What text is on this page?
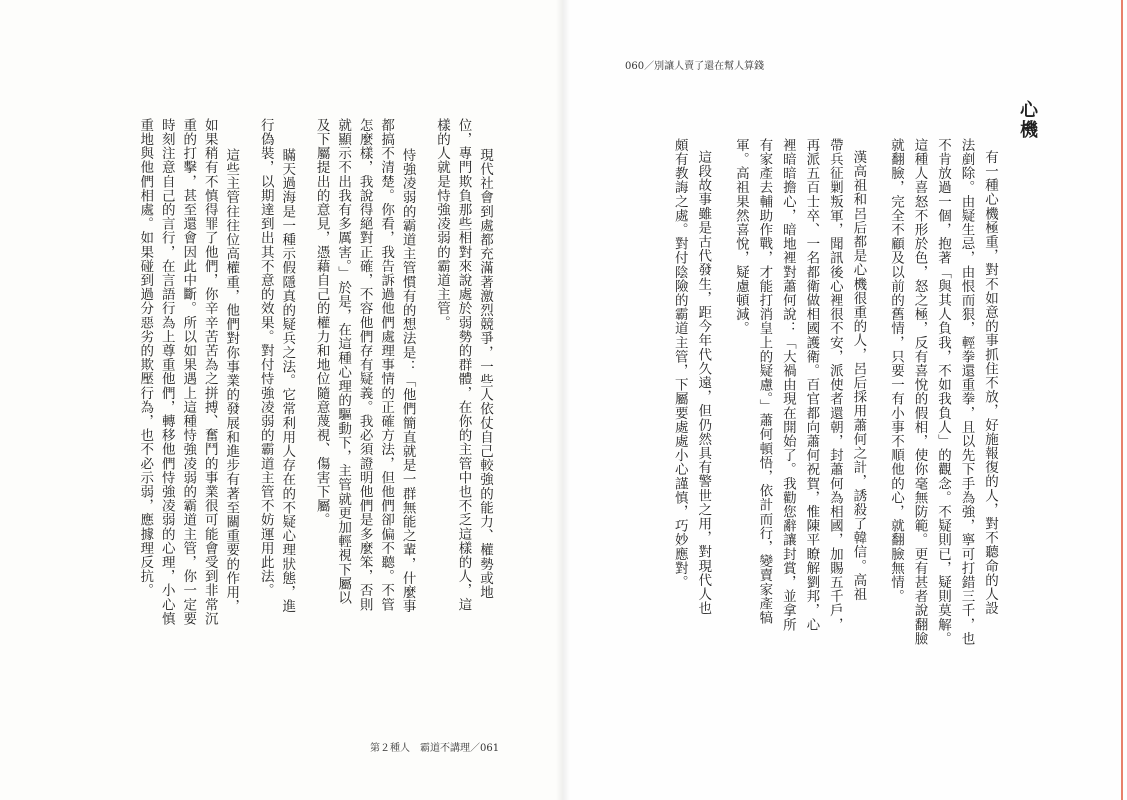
060／別讓人賣了還在幫人算錢
心機
有一種心機極重，對不如意的事抓住不放，好施報復的人，對不聽命的人設
法剷除。由疑生忌，由恨而狠，輕拳還重拳，且以先下手為強，寧可打錯三千，也
不肯放過一個，抱著「與其人負我，不如我負人」的觀念。不疑則已，疑則莫解。
這種人喜怒不形於色，怒之極，反有喜悅的假相，使你毫無防範。更有甚者說翻臉
就翻臉，完全不顧及以前的舊情，只要一有小事不順他的心，就翻臉無情。
漢高祖和呂后都是心機很重的人，呂后採用蕭何之計，誘殺了韓信。高祖
帶兵征剿叛軍，聞訊後心裡很不安，派使者還朝，封蕭何為相國，加賜五千戶，
再派五百士卒、一名都衛做相國護衛。百官都向蕭何祝賀，惟陳平瞭解劉邦，心
裡暗暗擔心，暗地裡對蕭何說：「大禍由現在開始了。我勸您辭讓封賞，並拿所
有家產去輔助作戰，才能打消皇上的疑慮。」蕭何頓悟，依計而行，變賣家產犒
軍。高祖果然喜悅，疑慮頓減。
這段故事雖是古代發生，距今年代久遠，但仍然具有警世之用，對現代人也
頗有教誨之處。對付陰險的霸道主管，下屬要處處小心謹慎，巧妙應對。
現代社會到處都充滿著激烈競爭，一些人依仗自己較強的能力、權勢或地
位，專門欺負那些相對來說處於弱勢的群體，在你的主管中也不乏這樣的人，這
樣的人就是恃強凌弱的霸道主管。
恃強凌弱的霸道主管慣有的想法是：「他們簡直就是一群無能之輩，什麼事
都搞不清楚。你看，我告訴過他們處理事情的正確方法，但他們卻偏不聽。不管
怎麼樣，我說得絕對正確，不容他們存有疑義。我必須證明他們是多麼笨，否則
就顯示不出我有多厲害。」於是，在這種心理的驅動下，主管就更加輕視下屬以
及下屬提出的意見，憑藉自己的權力和地位隨意蔑視、傷害下屬。
瞞天過海是一種示假隱真的疑兵之法。它常利用人存在的不疑心理狀態，進
行偽裝，以期達到出其不意的效果。對付恃強凌弱的霸道主管不妨運用此法。
這些主管往往位高權重，他們對你事業的發展和進步有著至關重要的作用，
如果稍有不慎得罪了他們，你辛辛苦苦為之拼搏、奮鬥的事業很可能會受到非常沉
重的打擊，甚至還會因此中斷。所以如果遇上這種恃強凌弱的霸道主管，你一定要
時刻注意自己的言行，在言語行為上尊重他們，轉移他們恃強凌弱的心理，小心慎
重地與他們相處。如果碰到過分惡劣的欺壓行為，也不必示弱，應據理反抗。
第２種人　霸道不講理／061
